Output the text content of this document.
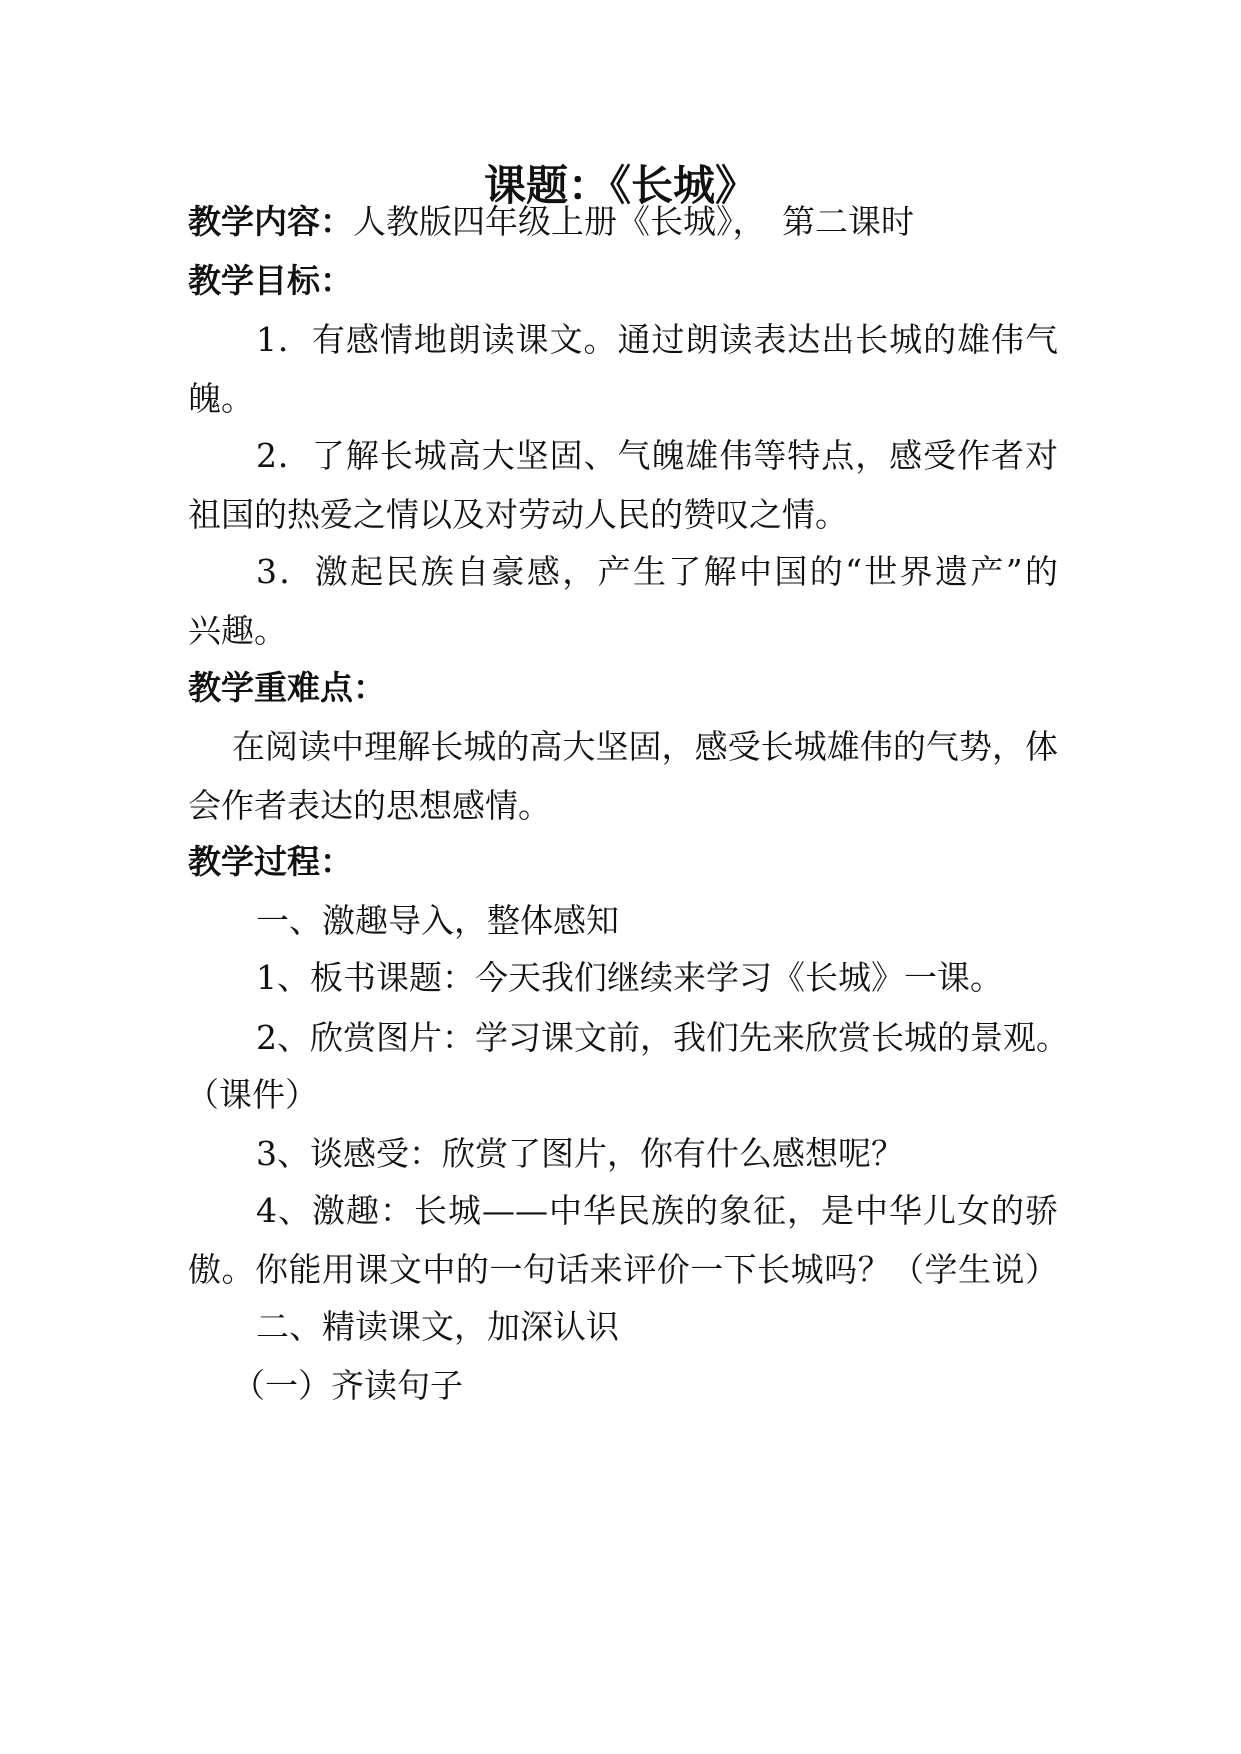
课题：《长城》
教学内容：人教版四年级上册《长城》，　第二课时
教学目标：
1．有感情地朗读课文。通过朗读表达出长城的雄伟气
魄。
2．了解长城高大坚固、气魄雄伟等特点，感受作者对
祖国的热爱之情以及对劳动人民的赞叹之情。
3．激起民族自豪感，产生了解中国的“世界遗产”的
兴趣。
教学重难点：
在阅读中理解长城的高大坚固，感受长城雄伟的气势，体
会作者表达的思想感情。
教学过程：
一、激趣导入，整体感知
1、板书课题：今天我们继续来学习《长城》一课。
2、欣赏图片：学习课文前，我们先来欣赏长城的景观。
（课件）
3、谈感受：欣赏了图片，你有什么感想呢？
4、激趣：长城——中华民族的象征，是中华儿女的骄
傲。你能用课文中的一句话来评价一下长城吗？（学生说）
二、精读课文，加深认识
（一）齐读句子
